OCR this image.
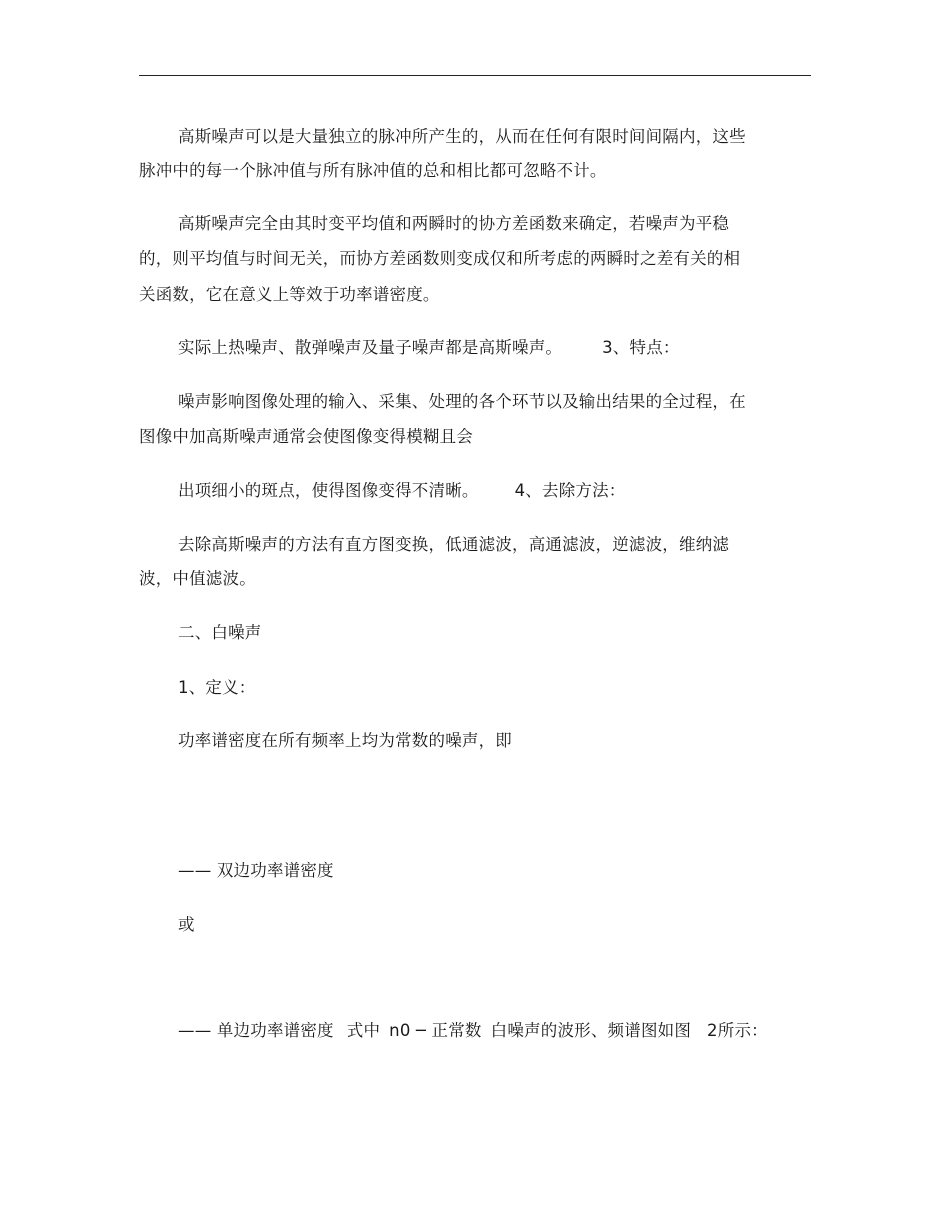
高斯噪声可以是大量独立的脉冲所产生的，从而在任何有限时间间隔内，这些
脉冲中的每一个脉冲值与所有脉冲值的总和相比都可忽略不计。
高斯噪声完全由其时变平均值和两瞬时的协方差函数来确定，若噪声为平稳
的，则平均值与时间无关，而协方差函数则变成仅和所考虑的两瞬时之差有关的相
关函数，它在意义上等效于功率谱密度。
实际上热噪声、散弹噪声及量子噪声都是高斯噪声。 3、特点：
噪声影响图像处理的输入、采集、处理的各个环节以及输出结果的全过程，在
图像中加高斯噪声通常会使图像变得模糊且会
出项细小的斑点，使得图像变得不清晰。 4、去除方法：
去除高斯噪声的方法有直方图变换，低通滤波，高通滤波，逆滤波，维纳滤
波，中值滤波。
二、白噪声
1、定义：
功率谱密度在所有频率上均为常数的噪声，即
—— 双边功率谱密度
或
—— 单边功率谱密度 式中 n0 ─ 正常数 白噪声的波形、频谱图如图 2所示：
